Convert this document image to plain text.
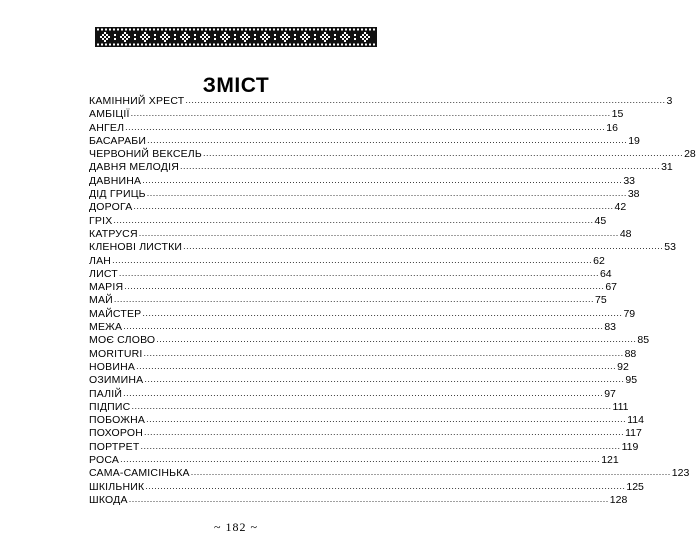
ЗМІСТ
КАМІННИЙ ХРЕСТ ................................................................................................................................................................ 3
АМБІЦІЇ ................................................................................................................................................................ 15
АНГЕЛ ................................................................................................................................................................ 16
БАСАРАБИ ................................................................................................................................................................ 19
ЧЕРВОНИЙ ВЕКСЕЛЬ ................................................................................................................................................................ 28
ДАВНЯ МЕЛОДІЯ ................................................................................................................................................................ 31
ДАВНИНА ................................................................................................................................................................ 33
ДІД ГРИЦЬ ................................................................................................................................................................ 38
ДОРОГА ................................................................................................................................................................ 42
ГРІХ ................................................................................................................................................................ 45
КАТРУСЯ ................................................................................................................................................................ 48
КЛЕНОВІ ЛИСТКИ ................................................................................................................................................................ 53
ЛАН ................................................................................................................................................................ 62
ЛИСТ ................................................................................................................................................................ 64
МАРІЯ ................................................................................................................................................................ 67
МАЙ ................................................................................................................................................................ 75
МАЙСТЕР ................................................................................................................................................................ 79
МЕЖА ................................................................................................................................................................ 83
МОЄ СЛОВО ................................................................................................................................................................ 85
MORITURI ................................................................................................................................................................ 88
НОВИНА ................................................................................................................................................................ 92
ОЗИМИНА ................................................................................................................................................................ 95
ПАЛІЙ ................................................................................................................................................................ 97
ПІДПИС ................................................................................................................................................................ 111
ПОБОЖНА ................................................................................................................................................................ 114
ПОХОРОН ................................................................................................................................................................ 117
ПОРТРЕТ ................................................................................................................................................................ 119
РОСА ................................................................................................................................................................ 121
САМА-САМІСІНЬКА ................................................................................................................................................................ 123
ШКІЛЬНИК ................................................................................................................................................................ 125
ШКОДА ................................................................................................................................................................ 128
~ 182 ~
